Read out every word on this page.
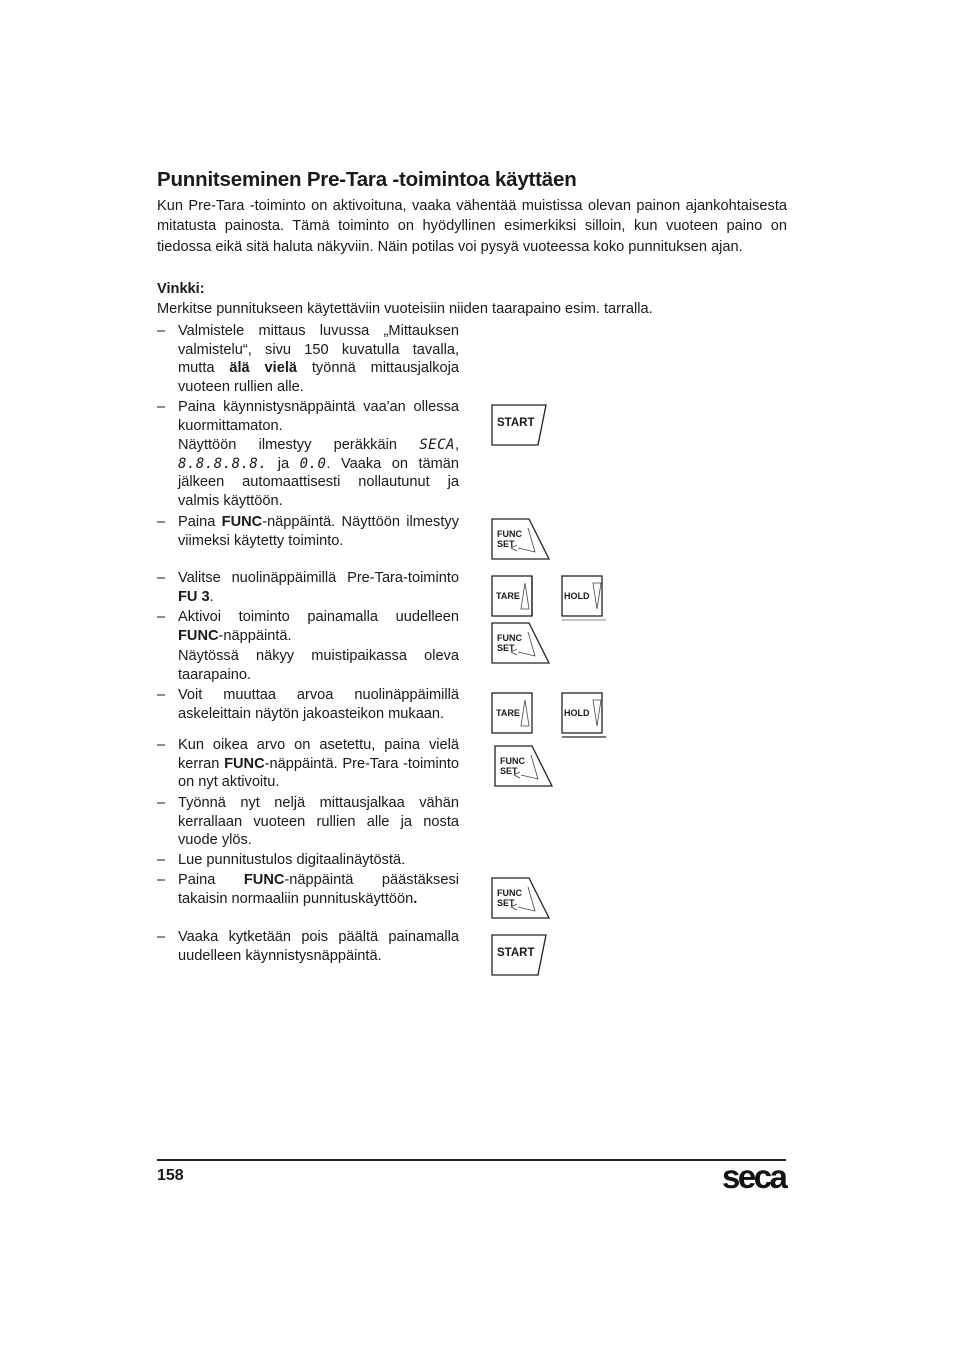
Punnitseminen Pre-Tara -toimintoa käyttäen

Kun Pre-Tara -toiminto on aktivoituna, vaaka vähentää muistissa olevan painon ajankohtaisesta mitatusta painosta. Tämä toiminto on hyödyllinen esimerkiksi silloin, kun vuoteen paino on tiedossa eikä sitä haluta näkyviin. Näin potilas voi pysyä vuoteessa koko punnituksen ajan.

Vinkki:

Merkitse punnitukseen käytettäviin vuoteisiin niiden taarapaino esim. tarralla.

– Valmistele mittaus luvussa „Mittauksen valmistelu“, sivu 150 kuvatulla tavalla, mutta älä vielä työnnä mittausjalkoja vuoteen rullien alle.

– Paina käynnistysnäppäintä vaa'an ollessa kuormittamaton.

Näyttöön ilmestyy peräkkäin SECA, 8.8.8.8.8. ja 0.0. Vaaka on tämän jälkeen automaattisesti nollautunut ja valmis käyttöön.

– Paina FUNC-näppäintä. Näyttöön ilmestyy viimeksi käytetty toiminto.

– Valitse nuolinäppäimillä Pre-Tara-toiminto FU 3.

– Aktivoi toiminto painamalla uudelleen FUNC-näppäintä.

Näytössä näkyy muistipaikassa oleva taarapaino.

– Voit muuttaa arvoa nuolinäppäimillä askeleittain näytön jakoasteikon mukaan.

– Kun oikea arvo on asetettu, paina vielä kerran FUNC-näppäintä. Pre-Tara -toiminto on nyt aktivoitu.

– Työnnä nyt neljä mittausjalkaa vähän kerrallaan vuoteen rullien alle ja nosta vuode ylös.

– Lue punnitustulos digitaalinäytöstä.

– Paina FUNC-näppäintä päästäksesi takaisin normaaliin punnituskäyttöön.

– Vaaka kytketään pois päältä painamalla uudelleen käynnistysnäppäintä.

START
FUNC
SET
TARE	HOLD
FUNC
SET
TARE	HOLD
FUNC
SET
FUNC
SET
START
158	seca
